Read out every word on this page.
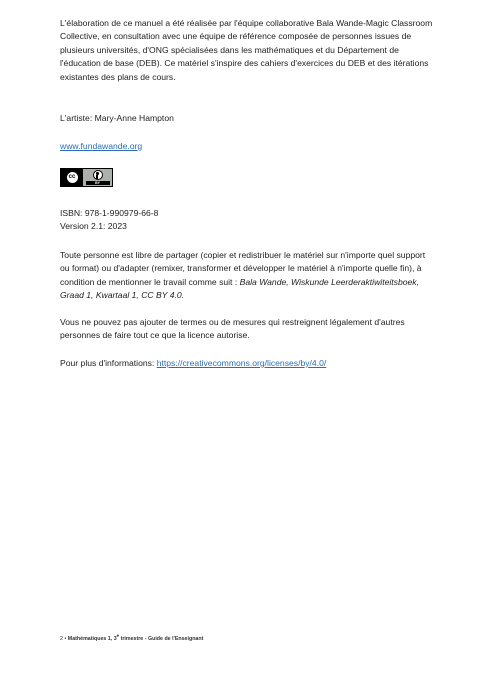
L'élaboration de ce manuel a été réalisée par l'équipe collaborative Bala Wande-Magic Classroom Collective, en consultation avec une équipe de référence composée de personnes issues de plusieurs universités, d'ONG spécialisées dans les mathématiques et du Département de l'éducation de base (DEB). Ce matériel s'inspire des cahiers d'exercices du DEB et des itérations existantes des plans de cours.

L'artiste: Mary-Anne Hampton

www.fundawande.org
cc
BY

ISBN: 978-1-990979-66-8

Version 2.1: 2023

Toute personne est libre de partager (copier et redistribuer le matériel sur n'importe quel support ou format) ou d'adapter (remixer, transformer et développer le matériel à n'importe quelle fin), à condition de mentionner le travail comme suit : Bala Wande, Wiskunde Leerderaktiwiteitsboek, Graad 1, Kwartaal 1, CC BY 4.0.

Vous ne pouvez pas ajouter de termes ou de mesures qui restreignent légalement d'autres personnes de faire tout ce que la licence autorise.

Pour plus d'informations: https://creativecommons.org/licenses/by/4.0/

2 • Mathématiques 1, 3e trimestre - Guide de l'Enseignant
